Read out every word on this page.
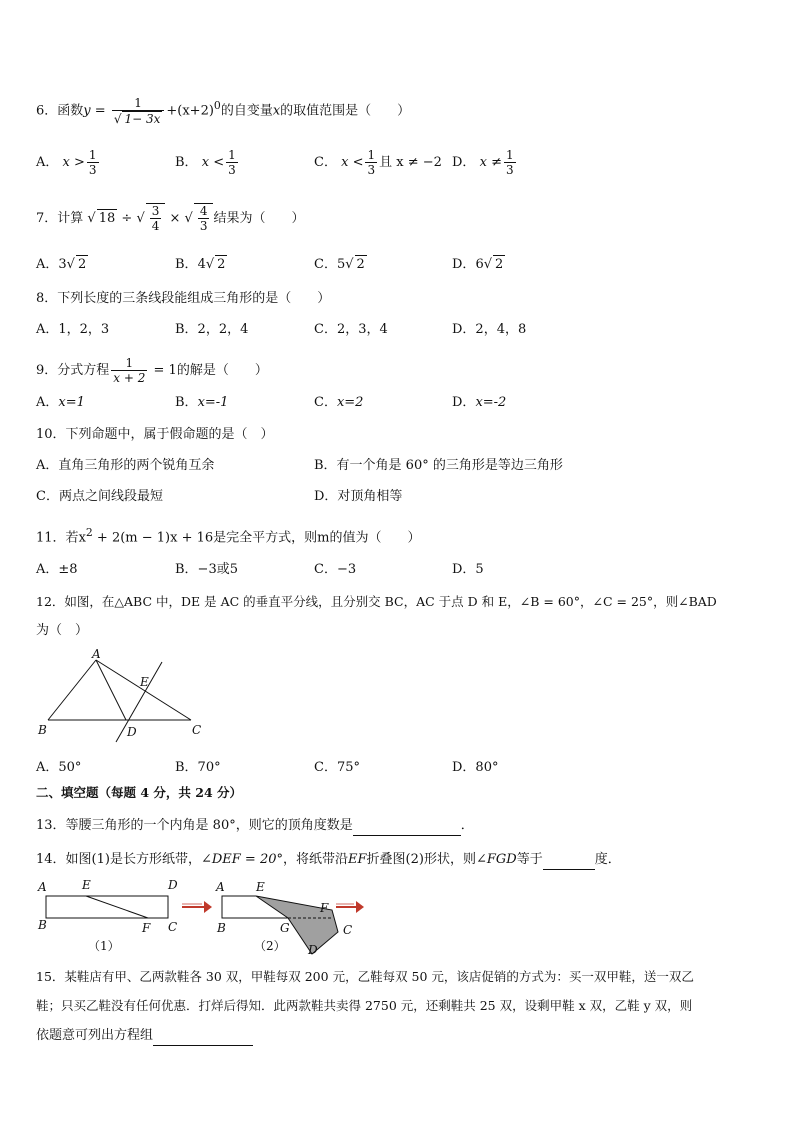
6．函数$y = \frac{1}{√ 1- 3x} +(x+2)^0$的自变量x的取值范围是（　　）
A． $x > \frac{1}{3}$	B． $x < \frac{1}{3}$	C． $x < \frac{1}{3}$ 且 x ≠ −2 D． $x \ne \frac{1}{3}$
7．计算 √ 18 ÷ √ $\frac{3}{4}$ × √ $\frac{4}{3}$ 结果为（　　）
A．3√ 2	B．4√ 2	C．5√ 2	D．6√ 2
8．下列长度的三条线段能组成三角形的是（　　）
A．1，2，3	B．2，2，4	C．2，3，4	D．2，4，8
9．分式方程 $\frac{1}{x + 2} = 1$的解是（　　）
A．x=1	B．x=-1	C．x=2	D．x=-2
10．下列命题中，属于假命题的是（　）
A．直角三角形的两个锐角互余	B．有一个角是 60° 的三角形是等边三角形
C．两点之间线段最短	D．对顶角相等
11．若$x^2 + 2(m - 1)x + 16$是完全平方式，则m的值为（　　）
A．±8	B．−3或5	C．−3	D．5
12．如图，在△ABC 中，DE 是 AC 的垂直平分线，且分别交 BC，AC 于点 D 和 E，∠B = 60°，∠C = 25°，则∠BAD
为（　）
A
B	C
D
E
A．50°	B．70°	C．75°	D．80°
二、填空题（每题 4 分，共 24 分）
13．等腰三角形的一个内角是 80°，则它的顶角度数是	．
14．如图(1)是长方形纸带，∠DEF = 20°，将纸带沿EF折叠图(2)形状，则∠FGD等于	度．
A	E	D
B	F C
（1）
A	E
F
B	G	C
D
（2）
15．某鞋店有甲、乙两款鞋各 30 双，甲鞋每双 200 元，乙鞋每双 50 元，该店促销的方式为：买一双甲鞋，送一双乙
鞋；只买乙鞋没有任何优惠．打烊后得知．此两款鞋共卖得 2750 元，还剩鞋共 25 双，设剩甲鞋 x 双，乙鞋 y 双，则
依题意可列出方程组
